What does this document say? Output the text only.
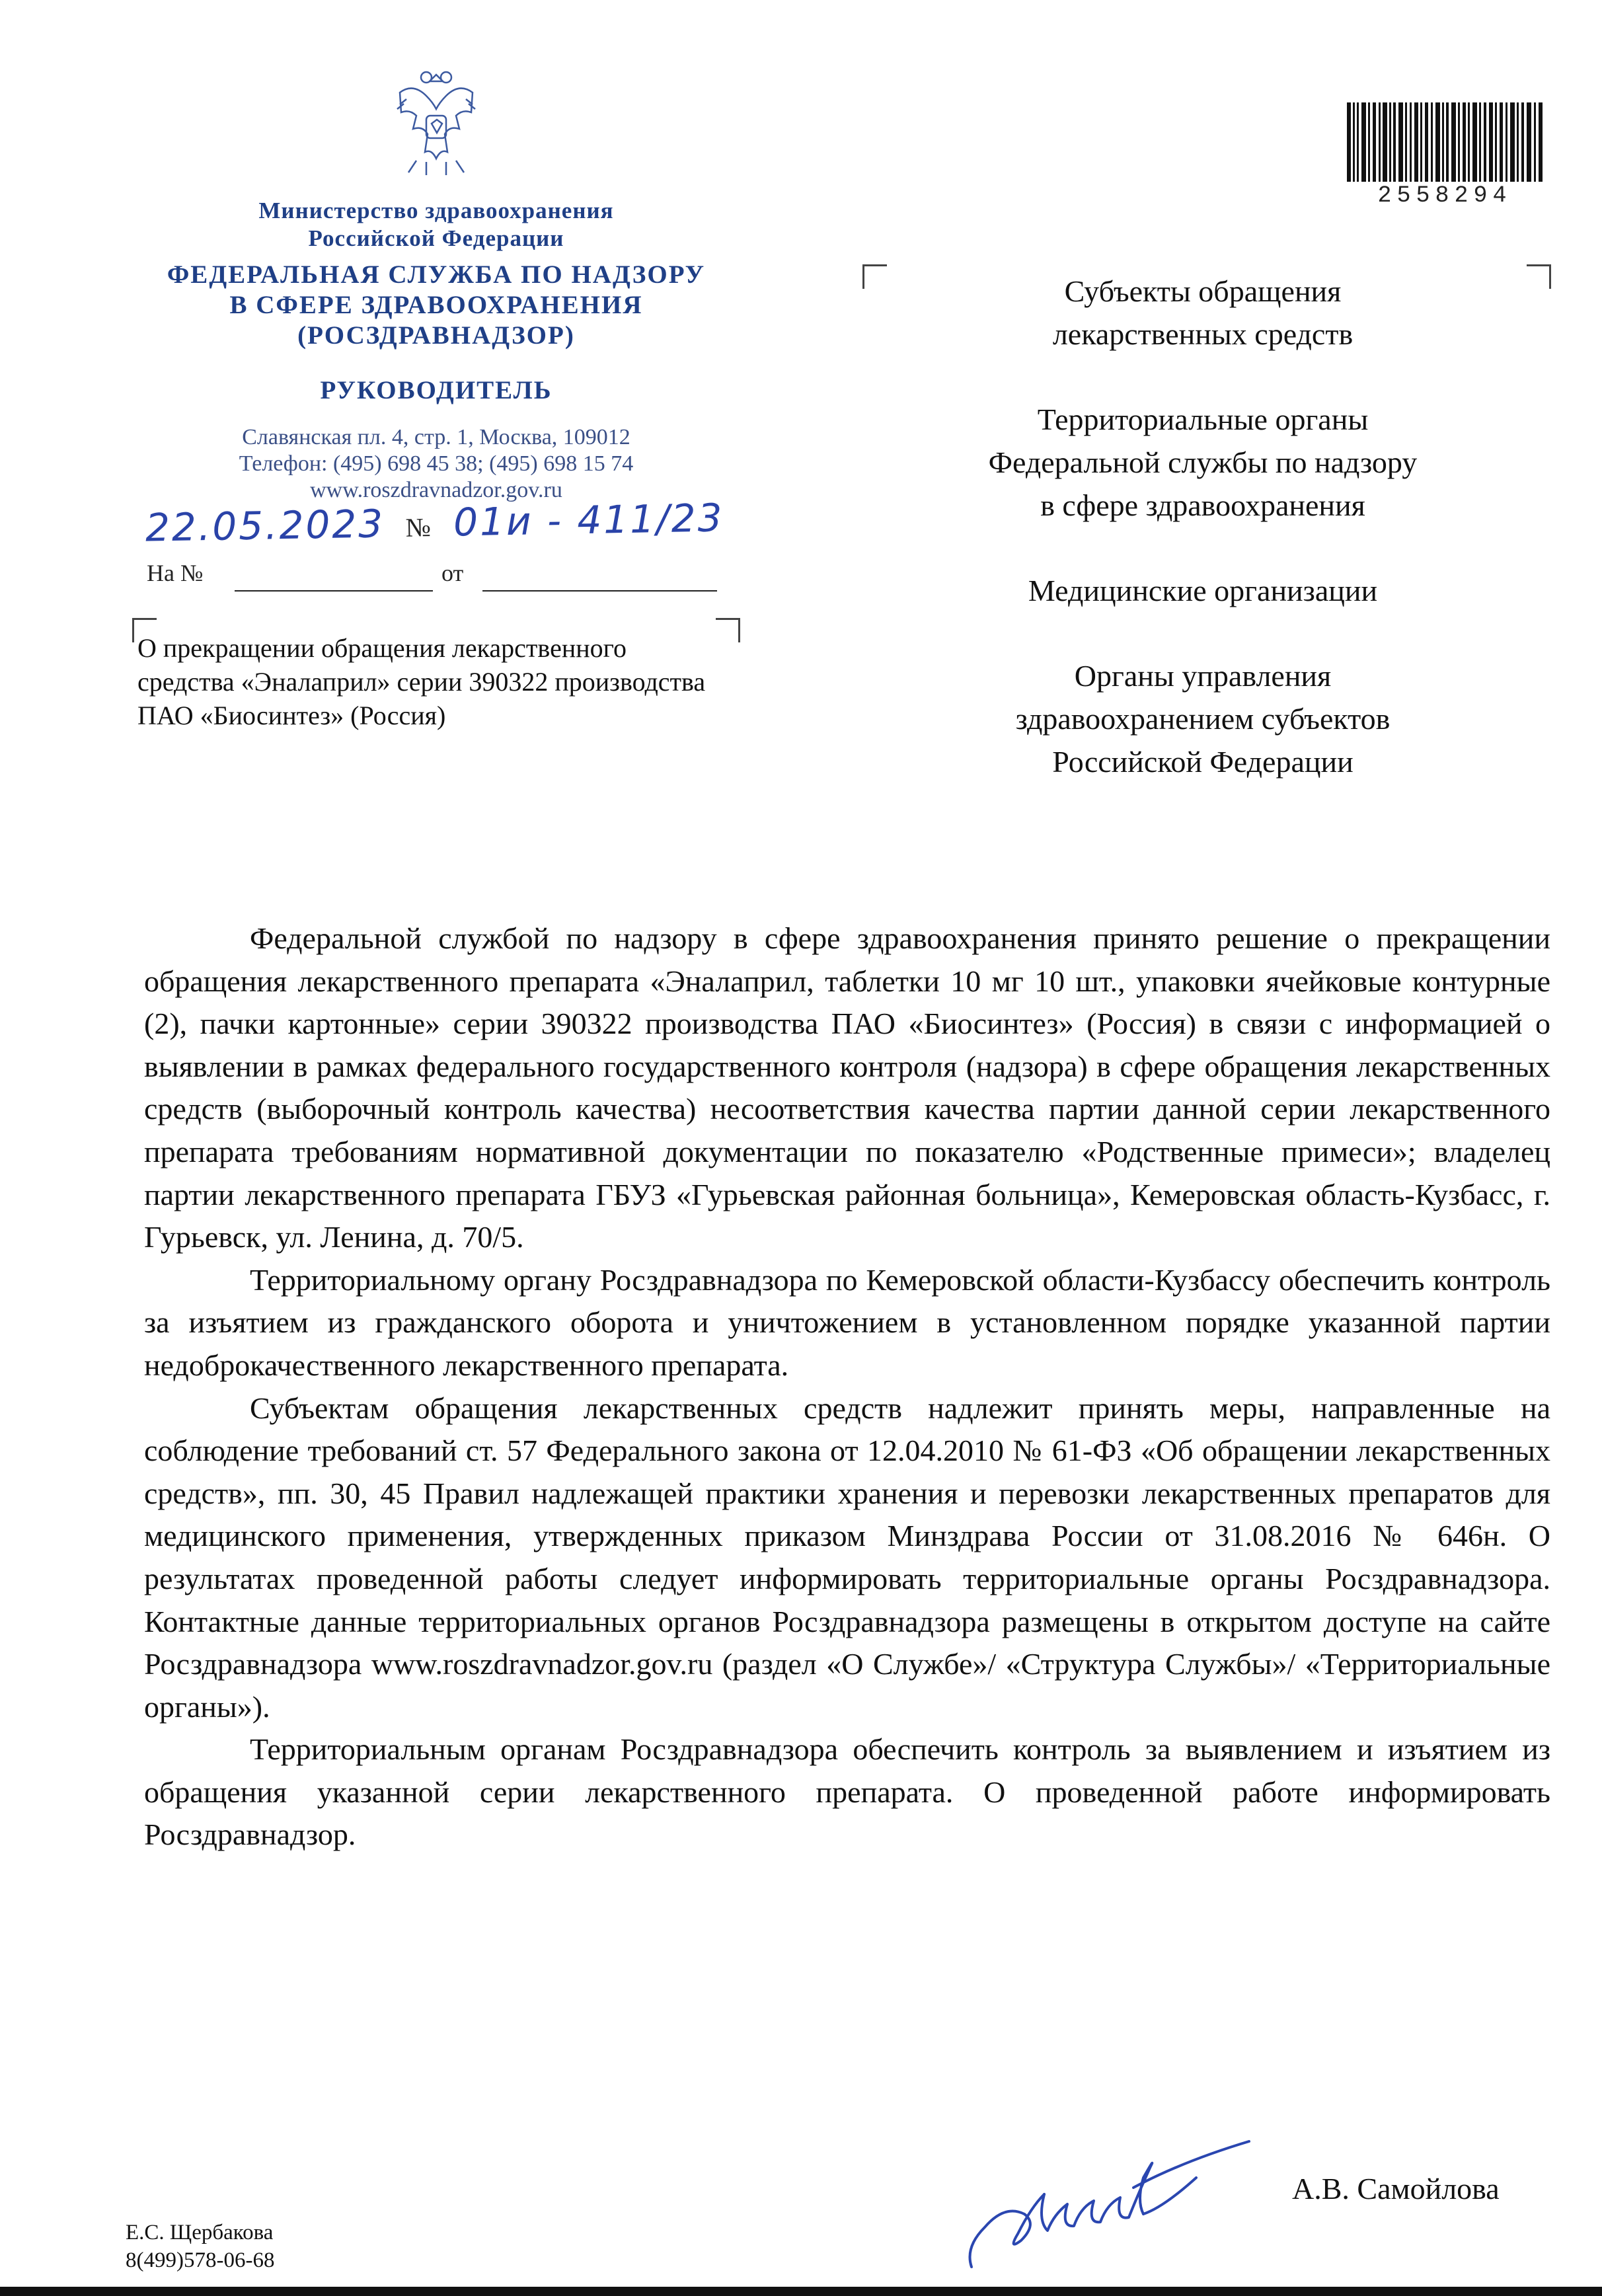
Министерство здравоохранения
Российской Федерации
ФЕДЕРАЛЬНАЯ СЛУЖБА ПО НАДЗОРУ
В СФЕРЕ ЗДРАВООХРАНЕНИЯ
(РОСЗДРАВНАДЗОР)
РУКОВОДИТЕЛЬ
Славянская пл. 4, стр. 1, Москва, 109012
Телефон: (495) 698 45 38; (495) 698 15 74
www.roszdravnadzor.gov.ru
22.05.2023 № 01и - 411/23
На №	от
О прекращении обращения лекарственного средства «Эналаприл» серии 390322 производства ПАО «Биосинтез» (Россия)
2558294
Субъекты обращения
лекарственных средств
Территориальные органы
Федеральной службы по надзору
в сфере здравоохранения
Медицинские организации
Органы управления
здравоохранением субъектов
Российской Федерации

Федеральной службой по надзору в сфере здравоохранения принято решение о прекращении обращения лекарственного препарата «Эналаприл, таблетки 10 мг 10 шт., упаковки ячейковые контурные (2), пачки картонные» серии 390322 производства ПАО «Биосинтез» (Россия) в связи с информацией о выявлении в рамках федерального государственного контроля (надзора) в сфере обращения лекарственных средств (выборочный контроль качества) несоответствия качества партии данной серии лекарственного препарата требованиям нормативной документации по показателю «Родственные примеси»; владелец партии лекарственного препарата ГБУЗ «Гурьевская районная больница», Кемеровская область-Кузбасс, г. Гурьевск, ул. Ленина, д. 70/5.

Территориальному органу Росздравнадзора по Кемеровской области-Кузбассу обеспечить контроль за изъятием из гражданского оборота и уничтожением в установленном порядке указанной партии недоброкачественного лекарственного препарата.

Субъектам обращения лекарственных средств надлежит принять меры, направленные на соблюдение требований ст. 57 Федерального закона от 12.04.2010 № 61-ФЗ «Об обращении лекарственных средств», пп. 30, 45 Правил надлежащей практики хранения и перевозки лекарственных препаратов для медицинского применения, утвержденных приказом Минздрава России от 31.08.2016 № 646н. О результатах проведенной работы следует информировать территориальные органы Росздравнадзора. Контактные данные территориальных органов Росздравнадзора размещены в открытом доступе на сайте Росздравнадзора www.roszdravnadzor.gov.ru (раздел «О Службе»/ «Структура Службы»/ «Территориальные органы»).

Территориальным органам Росздравнадзора обеспечить контроль за выявлением и изъятием из обращения указанной серии лекарственного препарата. О проведенной работе информировать Росздравнадзор.

А.В. Самойлова
Е.С. Щербакова
8(499)578-06-68
